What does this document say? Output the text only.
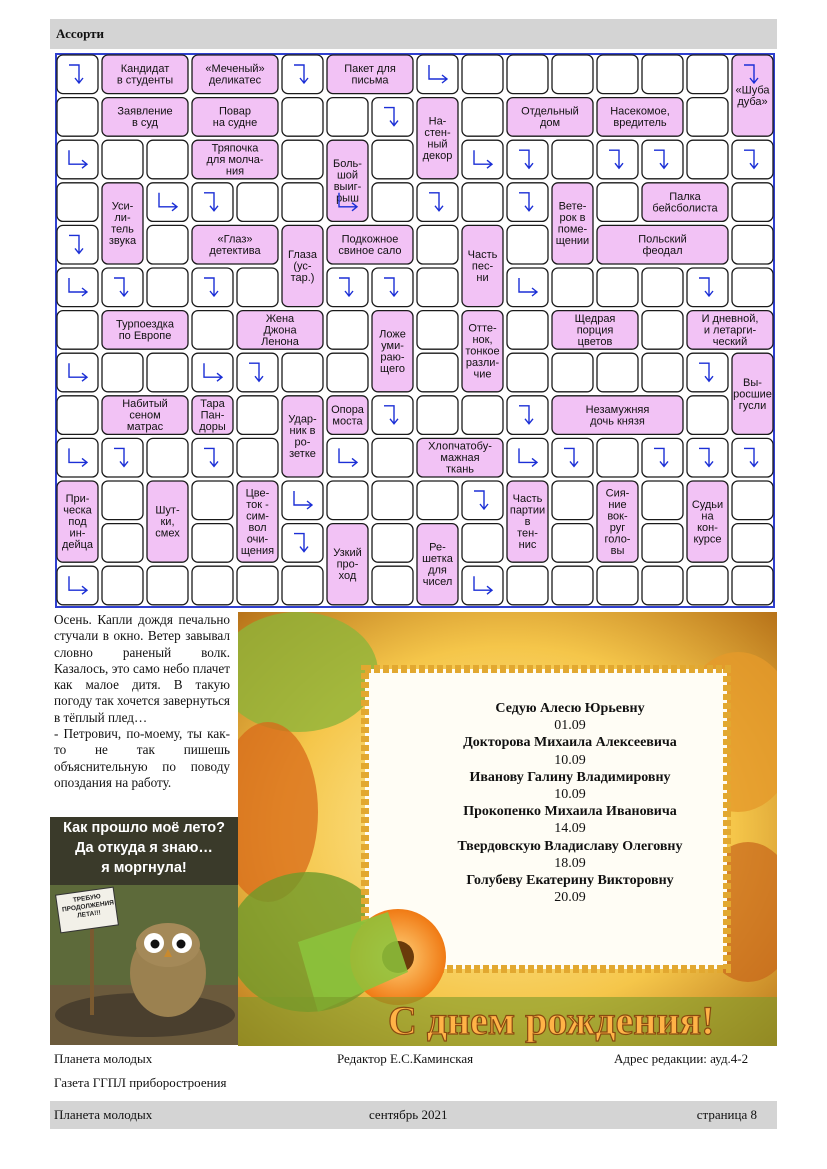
Ассорти
Кандидат
в студенты
«Меченый»
деликатес
Пакет для
письма
«Шуба
дуба»
Заявление
в суд
Повар
на судне	На-
стен-
ный
декор
Отдельный
дом
Насекомое,
вредитель
Тряпочка
для молча-
ния
Боль-
шой
выиг-
рыш
Уси-
ли-
тель
звука
Вете-
рок в
поме-
щении
Палка
бейсболиста
«Глаз»
детектива Глаза
(ус-
тар.)
Подкожное
свиное сало	Часть
пес-
ни
Польский
феодал
Турпоездка
по Европе
Жена
Джона
Ленона
Ложе
уми-
раю-
щего
Отте-
нок,
тонкое
разли-
чие
Щедрая
порция
цветов
И дневной,
и летарги-
ческий
Вы-
росшие
гусли
Набитый
сеном
матрас
Тара
Пан-
доры
Удар-
ник в
ро-
зетке
Опора
моста
Незамужняя
дочь князя
Хлопчатобу-
мажная
ткань
При-
ческа
под
ин-
дейца
Шут-
ки,
смех
Цве-
ток -
сим-
вол
очи-
щения
Часть
партии
в
тен-
нис
Сия-
ние
вок-
руг
голо-
вы
Судьи
на
кон-
курсе
Узкий
про-
ход
Ре-
шетка
для
чисел

Осень. Капли дождя печально стучали в окно. Ветер завывал словно раненый волк. Казалось, это само небо плачет как малое дитя. В такую погоду так хочется завернуться в тёплый плед…

- Петрович, по-моему, ты как-то не так пишешь объяснительную по поводу опоздания на работу.

Как прошло моё лето?
Да откуда я знаю…
я моргнула!
ТРЕБУЮ ПРОДОЛЖЕНИЯ ЛЕТА!!!
С днем рождения!
Седую Алесю Юрьевну
01.09
Докторова Михаила Алексеевича
10.09
Иванову Галину Владимировну
10.09
Прокопенко Михаила Ивановича
14.09
Твердовскую Владиславу Олеговну
18.09
Голубеву Екатерину Викторовну
20.09
Планета молодых	Редактор Е.С.Каминская	Адрес редакции: ауд.4-2
Газета ГГПЛ приборостроения
Планета молодых	сентябрь 2021	страница 8
